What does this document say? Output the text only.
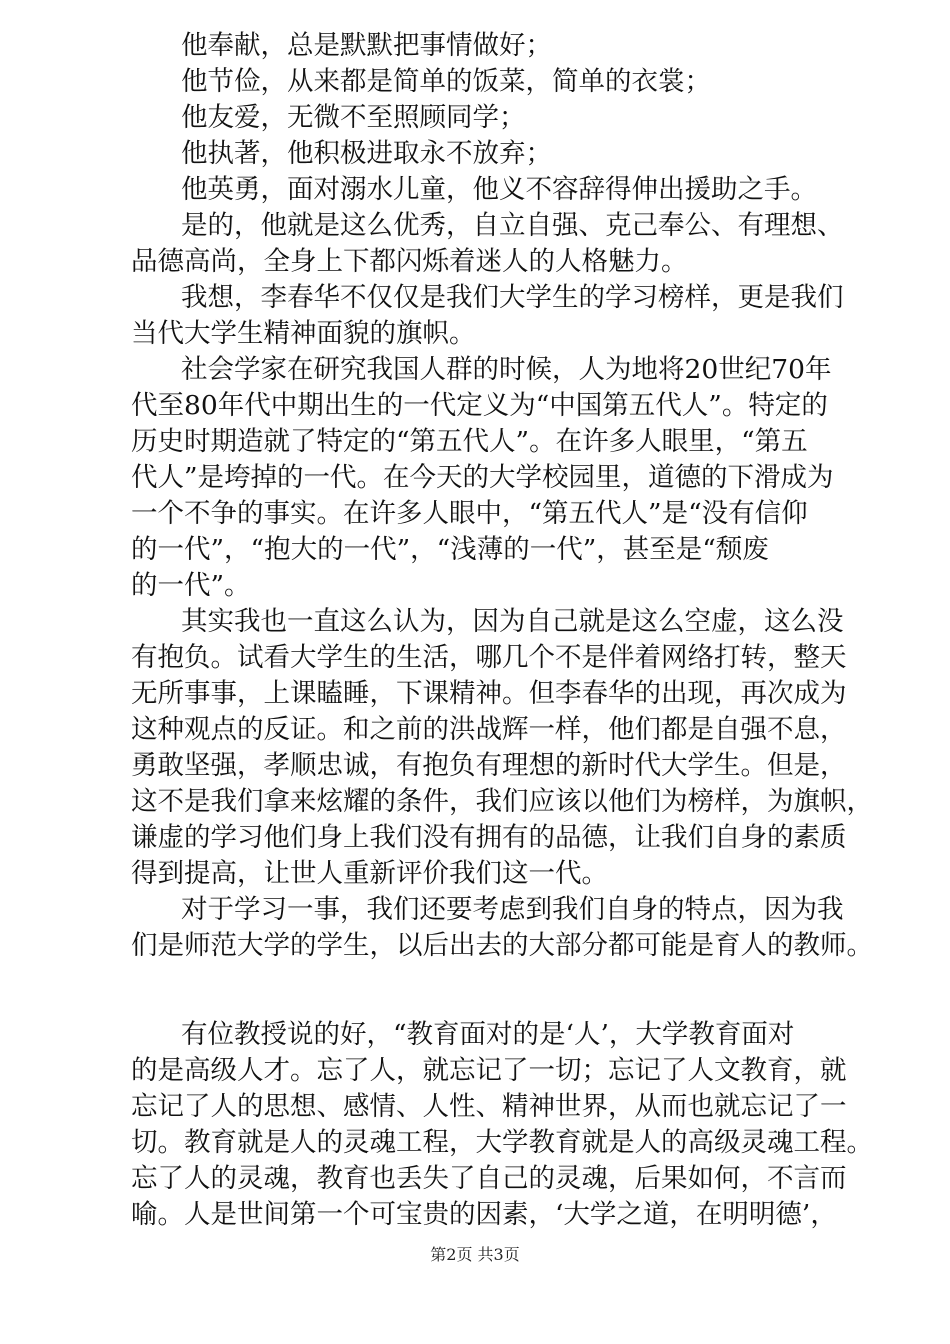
他奉献，总是默默把事情做好；
他节俭，从来都是简单的饭菜，简单的衣裳；
他友爱，无微不至照顾同学；
他执著，他积极进取永不放弃；
他英勇，面对溺水儿童，他义不容辞得伸出援助之手。
是的，他就是这么优秀，自立自强、克己奉公、有理想、
品德高尚，全身上下都闪烁着迷人的人格魅力。
我想，李春华不仅仅是我们大学生的学习榜样，更是我们
当代大学生精神面貌的旗帜。
社会学家在研究我国人群的时候，人为地将20世纪70年
代至80年代中期出生的一代定义为“中国第五代人”。特定的
历史时期造就了特定的“第五代人”。在许多人眼里，“第五
代人”是垮掉的一代。在今天的大学校园里，道德的下滑成为
一个不争的事实。在许多人眼中，“第五代人”是“没有信仰
的一代”，“抱大的一代”，“浅薄的一代”，甚至是“颓废
的一代”。
其实我也一直这么认为，因为自己就是这么空虚，这么没
有抱负。试看大学生的生活，哪几个不是伴着网络打转，整天
无所事事，上课瞌睡，下课精神。但李春华的出现，再次成为
这种观点的反证。和之前的洪战辉一样，他们都是自强不息，
勇敢坚强，孝顺忠诚，有抱负有理想的新时代大学生。但是，
这不是我们拿来炫耀的条件，我们应该以他们为榜样，为旗帜，
谦虚的学习他们身上我们没有拥有的品德，让我们自身的素质
得到提高，让世人重新评价我们这一代。
对于学习一事，我们还要考虑到我们自身的特点，因为我
们是师范大学的学生，以后出去的大部分都可能是育人的教师。
有位教授说的好，“教育面对的是‘人’，大学教育面对
的是高级人才。忘了人，就忘记了一切；忘记了人文教育，就
忘记了人的思想、感情、人性、精神世界，从而也就忘记了一
切。教育就是人的灵魂工程，大学教育就是人的高级灵魂工程。
忘了人的灵魂，教育也丢失了自己的灵魂，后果如何，不言而
喻。人是世间第一个可宝贵的因素，‘大学之道，在明明德’，
第2页 共3页
